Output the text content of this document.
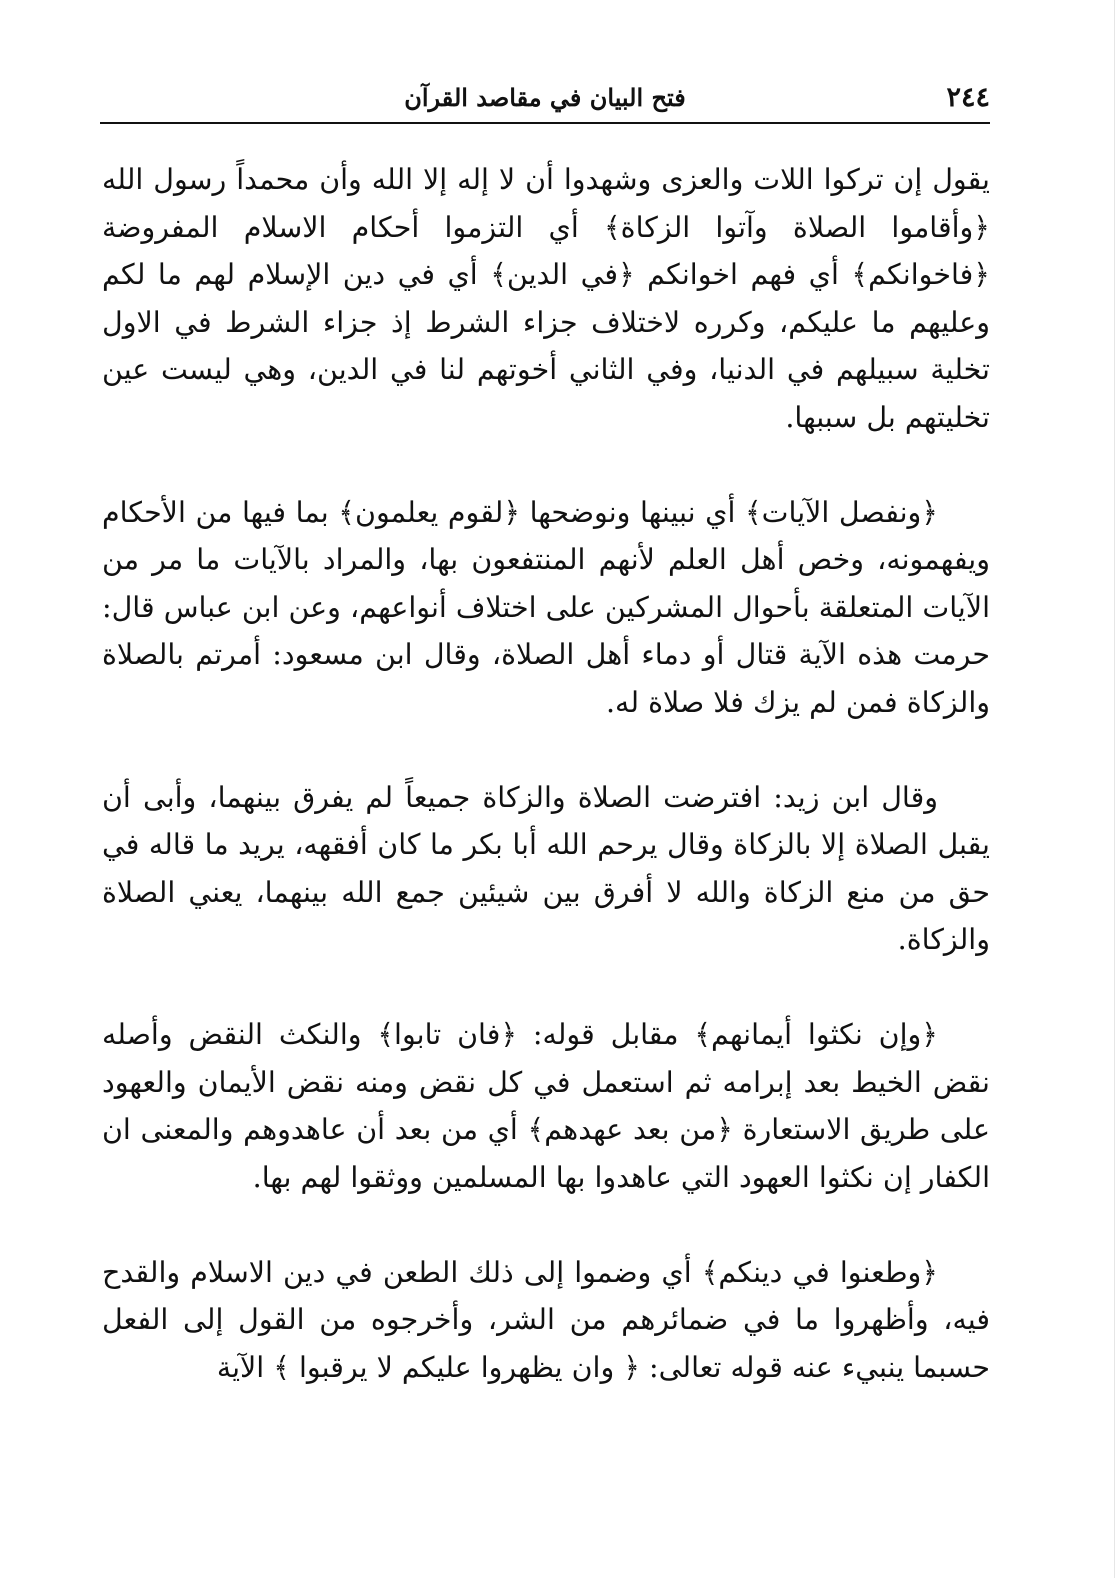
٢٤٤
فتح البيان في مقاصد القرآن

يقول إن تركوا اللات والعزى وشهدوا أن لا إله إلا الله وأن محمداً رسول الله ﴿وأقاموا الصلاة وآتوا الزكاة﴾ أي التزموا أحكام الاسلام المفروضة ﴿فاخوانكم﴾ أي فهم اخوانكم ﴿في الدين﴾ أي في دين الإسلام لهم ما لكم وعليهم ما عليكم، وكرره لاختلاف جزاء الشرط إذ جزاء الشرط في الاول تخلية سبيلهم في الدنيا، وفي الثاني أخوتهم لنا في الدين، وهي ليست عين تخليتهم بل سببها.

﴿ونفصل الآيات﴾ أي نبينها ونوضحها ﴿لقوم يعلمون﴾ بما فيها من الأحكام ويفهمونه، وخص أهل العلم لأنهم المنتفعون بها، والمراد بالآيات ما مر من الآيات المتعلقة بأحوال المشركين على اختلاف أنواعهم، وعن ابن عباس قال: حرمت هذه الآية قتال أو دماء أهل الصلاة، وقال ابن مسعود: أمرتم بالصلاة والزكاة فمن لم يزك فلا صلاة له.

وقال ابن زيد: افترضت الصلاة والزكاة جميعاً لم يفرق بينهما، وأبى أن يقبل الصلاة إلا بالزكاة وقال يرحم الله أبا بكر ما كان أفقهه، يريد ما قاله في حق من منع الزكاة والله لا أفرق بين شيئين جمع الله بينهما، يعني الصلاة والزكاة.

﴿وإن نكثوا أيمانهم﴾ مقابل قوله: ﴿فان تابوا﴾ والنكث النقض وأصله نقض الخيط بعد إبرامه ثم استعمل في كل نقض ومنه نقض الأيمان والعهود على طريق الاستعارة ﴿من بعد عهدهم﴾ أي من بعد أن عاهدوهم والمعنى ان الكفار إن نكثوا العهود التي عاهدوا بها المسلمين ووثقوا لهم بها.

﴿وطعنوا في دينكم﴾ أي وضموا إلى ذلك الطعن في دين الاسلام والقدح فيه، وأظهروا ما في ضمائرهم من الشر، وأخرجوه من القول إلى الفعل حسبما ينبيء عنه قوله تعالى: ﴿ وان يظهروا عليكم لا يرقبوا ﴾ الآية
